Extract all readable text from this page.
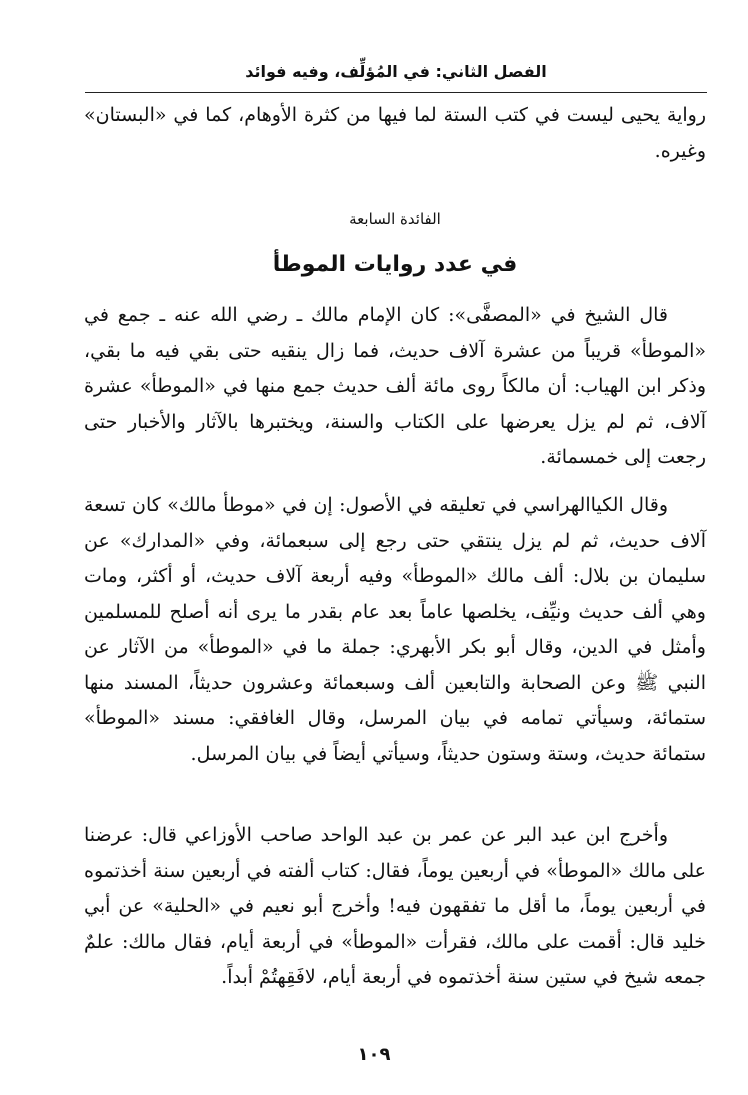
الفصل الثاني: في المُؤلِّف، وفيه فوائد

رواية يحيى ليست في كتب الستة لما فيها من كثرة الأوهام، كما في «البستان» وغيره.

الفائدة السابعة
في عدد روايات الموطأ

قال الشيخ في «المصفَّى»: كان الإمام مالك ـ رضي الله عنه ـ جمع في «الموطأ» قريباً من عشرة آلاف حديث، فما زال ينقيه حتى بقي فيه ما بقي، وذكر ابن الهياب: أن مالكاً روى مائة ألف حديث جمع منها في «الموطأ» عشرة آلاف، ثم لم يزل يعرضها على الكتاب والسنة، ويختبرها بالآثار والأخبار حتى رجعت إلى خمسمائة.

وقال الكياالهراسي في تعليقه في الأصول: إن في «موطأ مالك» كان تسعة آلاف حديث، ثم لم يزل ينتقي حتى رجع إلى سبعمائة، وفي «المدارك» عن سليمان بن بلال: ألف مالك «الموطأ» وفيه أربعة آلاف حديث، أو أكثر، ومات وهي ألف حديث ونيِّف، يخلصها عاماً بعد عام بقدر ما يرى أنه أصلح للمسلمين وأمثل في الدين، وقال أبو بكر الأبهري: جملة ما في «الموطأ» من الآثار عن النبي ﷺ وعن الصحابة والتابعين ألف وسبعمائة وعشرون حديثاً، المسند منها ستمائة، وسيأتي تمامه في بيان المرسل، وقال الغافقي: مسند «الموطأ» ستمائة حديث، وستة وستون حديثاً، وسيأتي أيضاً في بيان المرسل.

وأخرج ابن عبد البر عن عمر بن عبد الواحد صاحب الأوزاعي قال: عرضنا على مالك «الموطأ» في أربعين يوماً، فقال: كتاب ألفته في أربعين سنة أخذتموه في أربعين يوماً، ما أقل ما تفقهون فيه! وأخرج أبو نعيم في «الحلية» عن أبي خليد قال: أقمت على مالك، فقرأت «الموطأ» في أربعة أيام، فقال مالك: علمٌ جمعه شيخ في ستين سنة أخذتموه في أربعة أيام، لافَقِهتُمْ أبداً.

١٠٩
